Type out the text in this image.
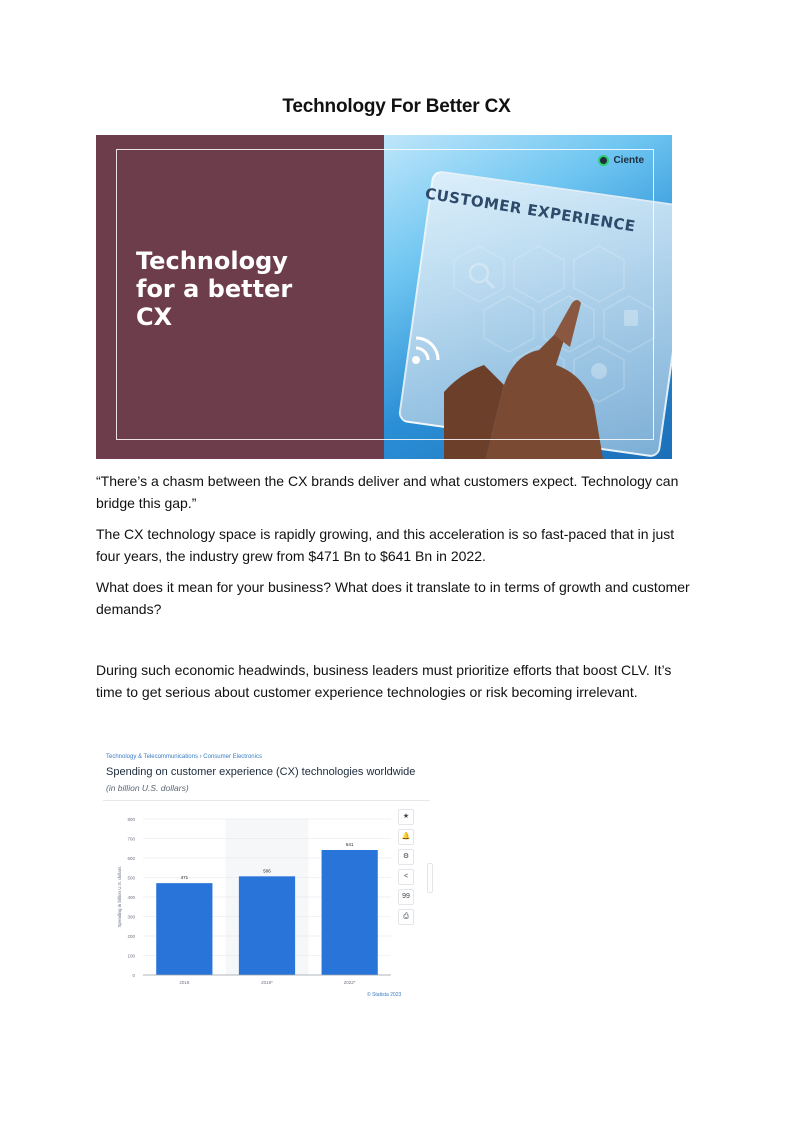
Technology For Better CX
CUSTOMER EXPERIENCE
Ciente
Technology
for a better
CX

“There’s a chasm between the CX brands deliver and what customers expect. Technology can bridge this gap.”

The CX technology space is rapidly growing, and this acceleration is so fast-paced that in just four years, the industry grew from $471 Bn to $641 Bn in 2022.

What does it mean for your business? What does it translate to in terms of growth and customer demands?

During such economic headwinds, business leaders must prioritize efforts that boost CLV. It’s time to get serious about customer experience technologies or risk becoming irrelevant.

Technology & Telecommunications › Consumer Electronics
Spending on customer experience (CX) technologies worldwide
(in billion U.S. dollars)
0
100
200
300
400
500
600
700
800
Spending in billion U.S. dollars	471
2018
506
2019*
641
2022*
★
🔔
⚙
<
99
⎙
© Statista 2023
